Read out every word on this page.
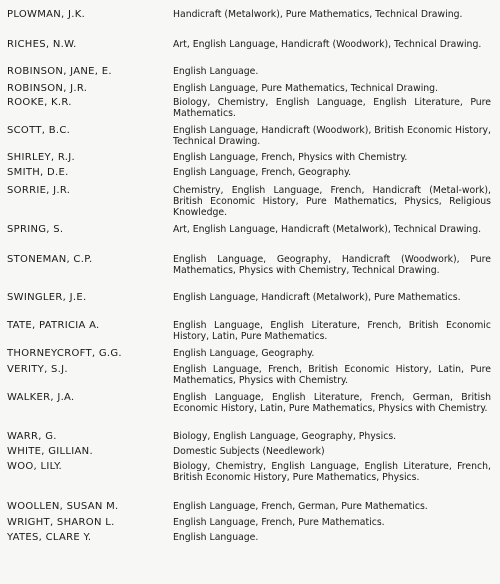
PLOWMAN, J.K.	Handicraft (Metalwork), Pure Mathematics, Technical Drawing.
RICHES, N.W.	Art, English Language, Handicraft (Woodwork), Technical Drawing.
ROBINSON, JANE, E.	English Language.
ROBINSON, J.R.	English Language, Pure Mathematics, Technical Drawing.
ROOKE, K.R.	Biology, Chemistry, English Language, English Literature, Pure Mathematics.
SCOTT, B.C.	English Language, Handicraft (Woodwork), British Economic History, Technical Drawing.
SHIRLEY, R.J.	English Language, French, Physics with Chemistry.
SMITH, D.E.	English Language, French, Geography.
SORRIE, J.R.	Chemistry, English Language, French, Handicraft (Metal-work), British Economic History, Pure Mathematics, Physics, Religious Knowledge.
SPRING, S.	Art, English Language, Handicraft (Metalwork), Technical Drawing.
STONEMAN, C.P.	English Language, Geography, Handicraft (Woodwork), Pure Mathematics, Physics with Chemistry, Technical Drawing.
SWINGLER, J.E.	English Language, Handicraft (Metalwork), Pure Mathematics.
TATE, PATRICIA A.	English Language, English Literature, French, British Economic History, Latin, Pure Mathematics.
THORNEYCROFT, G.G.	English Language, Geography.
VERITY, S.J.	English Language, French, British Economic History, Latin, Pure Mathematics, Physics with Chemistry.
WALKER, J.A.	English Language, English Literature, French, German, British Economic History, Latin, Pure Mathematics, Physics with Chemistry.
WARR, G.	Biology, English Language, Geography, Physics.
WHITE, GILLIAN.	Domestic Subjects (Needlework)
WOO, LILY.	Biology, Chemistry, English Language, English Literature, French, British Economic History, Pure Mathematics, Physics.
WOOLLEN, SUSAN M.	English Language, French, German, Pure Mathematics.
WRIGHT, SHARON L.	English Language, French, Pure Mathematics.
YATES, CLARE Y.	English Language.
